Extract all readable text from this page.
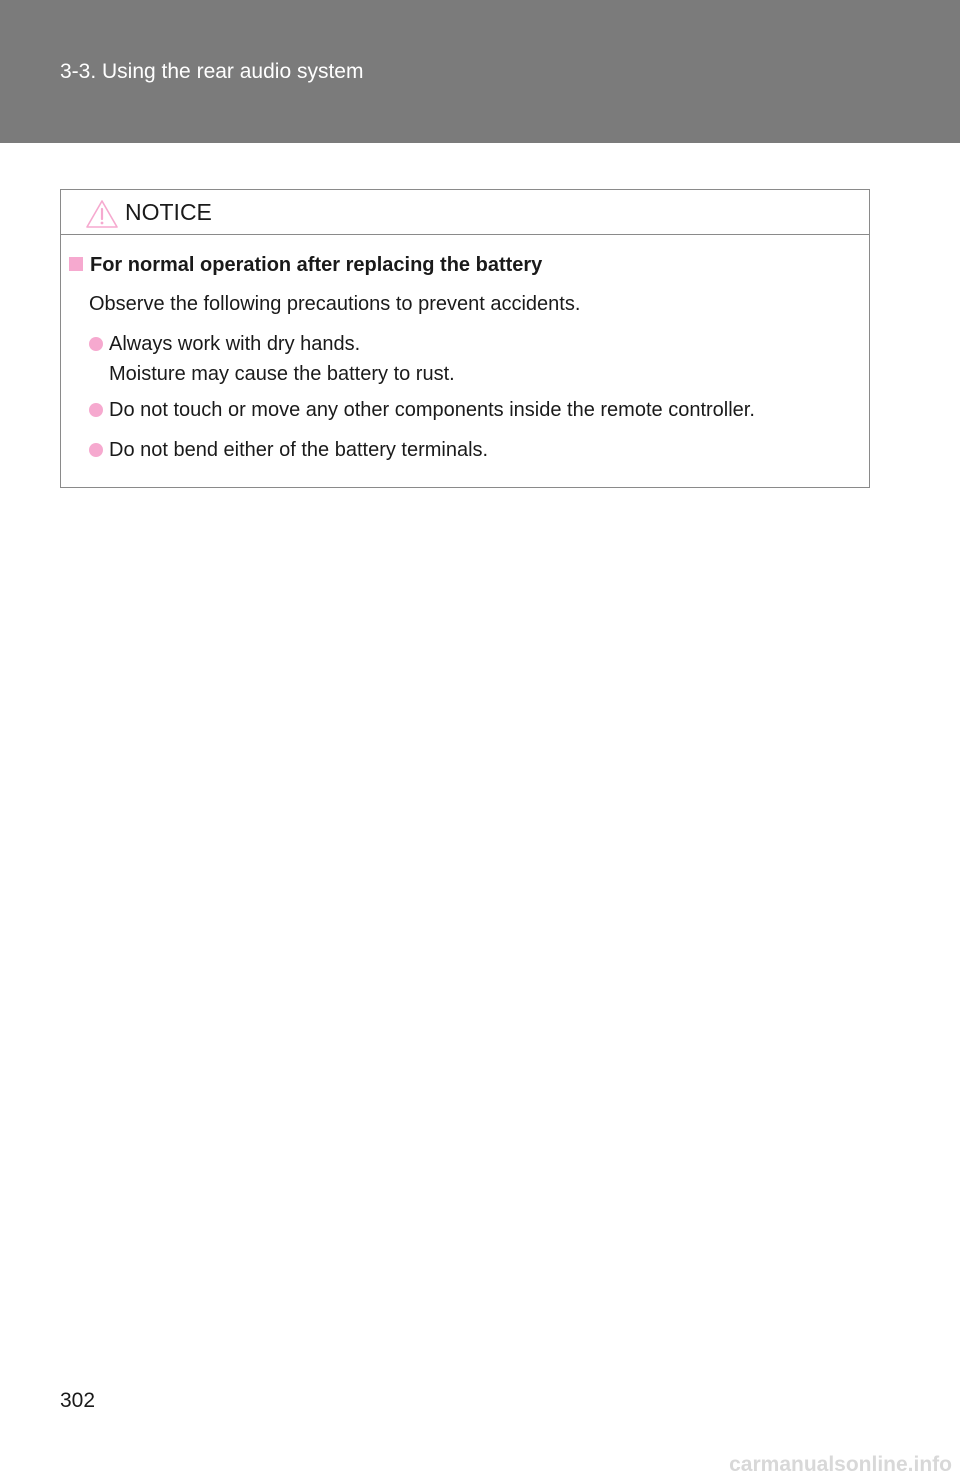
3-3. Using the rear audio system
NOTICE
For normal operation after replacing the battery
Observe the following precautions to prevent accidents.
Always work with dry hands.
Moisture may cause the battery to rust.
Do not touch or move any other components inside the remote controller.
Do not bend either of the battery terminals.
302
carmanualsonline.info
